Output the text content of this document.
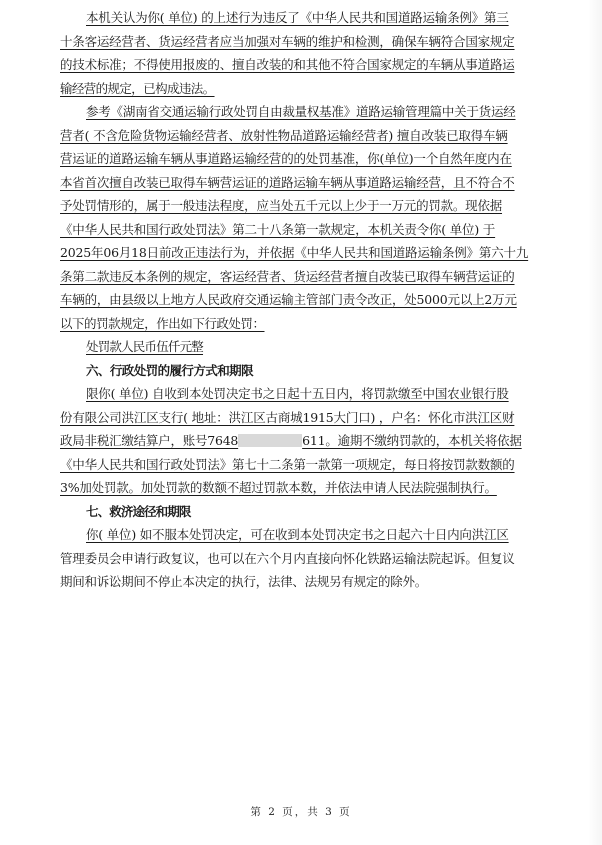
本机关认为你( 单位) 的上述行为违反了《中华人民共和国道路运输条例》第三
十条客运经营者、货运经营者应当加强对车辆的维护和检测，确保车辆符合国家规定
的技术标准；不得使用报废的、擅自改装的和其他不符合国家规定的车辆从事道路运
输经营的规定，已构成违法。
参考《湖南省交通运输行政处罚自由裁量权基准》道路运输管理篇中关于货运经
营者( 不含危险货物运输经营者、放射性物品道路运输经营者) 擅自改装已取得车辆
营运证的道路运输车辆从事道路运输经营的的处罚基准，你(单位)一个自然年度内在
本省首次擅自改装已取得车辆营运证的道路运输车辆从事道路运输经营，且不符合不
予处罚情形的，属于一般违法程度，应当处五千元以上少于一万元的罚款。现依据
《中华人民共和国行政处罚法》第二十八条第一款规定，本机关责令你( 单位) 于
2025年06月18日前改正违法行为，并依据《中华人民共和国道路运输条例》第六十九
条第二款违反本条例的规定，客运经营者、货运经营者擅自改装已取得车辆营运证的
车辆的，由县级以上地方人民政府交通运输主管部门责令改正，处5000元以上2万元
以下的罚款规定，作出如下行政处罚：
处罚款人民币伍仟元整
六、行政处罚的履行方式和期限
限你( 单位) 自收到本处罚决定书之日起十五日内，将罚款缴至中国农业银行股
份有限公司洪江区支行( 地址：洪江区古商城1915大门口) ，户名：怀化市洪江区财
政局非税汇缴结算户，账号7648	611。逾期不缴纳罚款的，本机关将依据
《中华人民共和国行政处罚法》第七十二条第一款第一项规定，每日将按罚款数额的
3%加处罚款。加处罚款的数额不超过罚款本数，并依法申请人民法院强制执行。
七、救济途径和期限
你( 单位) 如不服本处罚决定，可在收到本处罚决定书之日起六十日内向洪江区
管理委员会申请行政复议，也可以在六个月内直接向怀化铁路运输法院起诉。但复议
期间和诉讼期间不停止本决定的执行，法律、法规另有规定的除外。
第 2 页，共 3 页
